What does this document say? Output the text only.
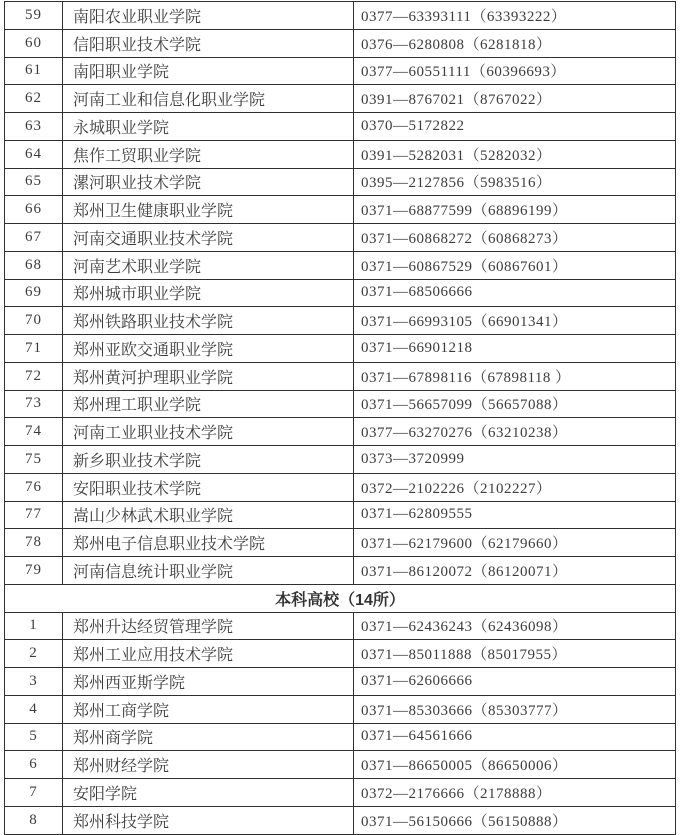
59	南阳农业职业学院	0377—63393111（63393222）
60	信阳职业技术学院	0376—6280808（6281818）
61	南阳职业学院	0377—60551111（60396693）
62	河南工业和信息化职业学院	0391—8767021（8767022）
63	永城职业学院	0370—5172822
64	焦作工贸职业学院	0391—5282031（5282032）
65	漯河职业技术学院	0395—2127856（5983516）
66	郑州卫生健康职业学院	0371—68877599（68896199）
67	河南交通职业技术学院	0371—60868272（60868273）
68	河南艺术职业学院	0371—60867529（60867601）
69	郑州城市职业学院	0371—68506666
70	郑州铁路职业技术学院	0371—66993105（66901341）
71	郑州亚欧交通职业学院	0371—66901218
72	郑州黄河护理职业学院	0371—67898116（67898118 ）
73	郑州理工职业学院	0371—56657099（56657088）
74	河南工业职业技术学院	0377—63270276（63210238）
75	新乡职业技术学院	0373—3720999
76	安阳职业技术学院	0372—2102226（2102227）
77	嵩山少林武术职业学院	0371—62809555
78	郑州电子信息职业技术学院	0371—62179600（62179660）
79	河南信息统计职业学院	0371—86120072（86120071）
本科高校（14所）		
1	郑州升达经贸管理学院	0371—62436243（62436098）
2	郑州工业应用技术学院	0371—85011888（85017955）
3	郑州西亚斯学院	0371—62606666
4	郑州工商学院	0371—85303666（85303777）
5	郑州商学院	0371—64561666
6	郑州财经学院	0371—86650005（86650006）
7	安阳学院	0372—2176666（2178888）
8	郑州科技学院	0371—56150666（56150888）
